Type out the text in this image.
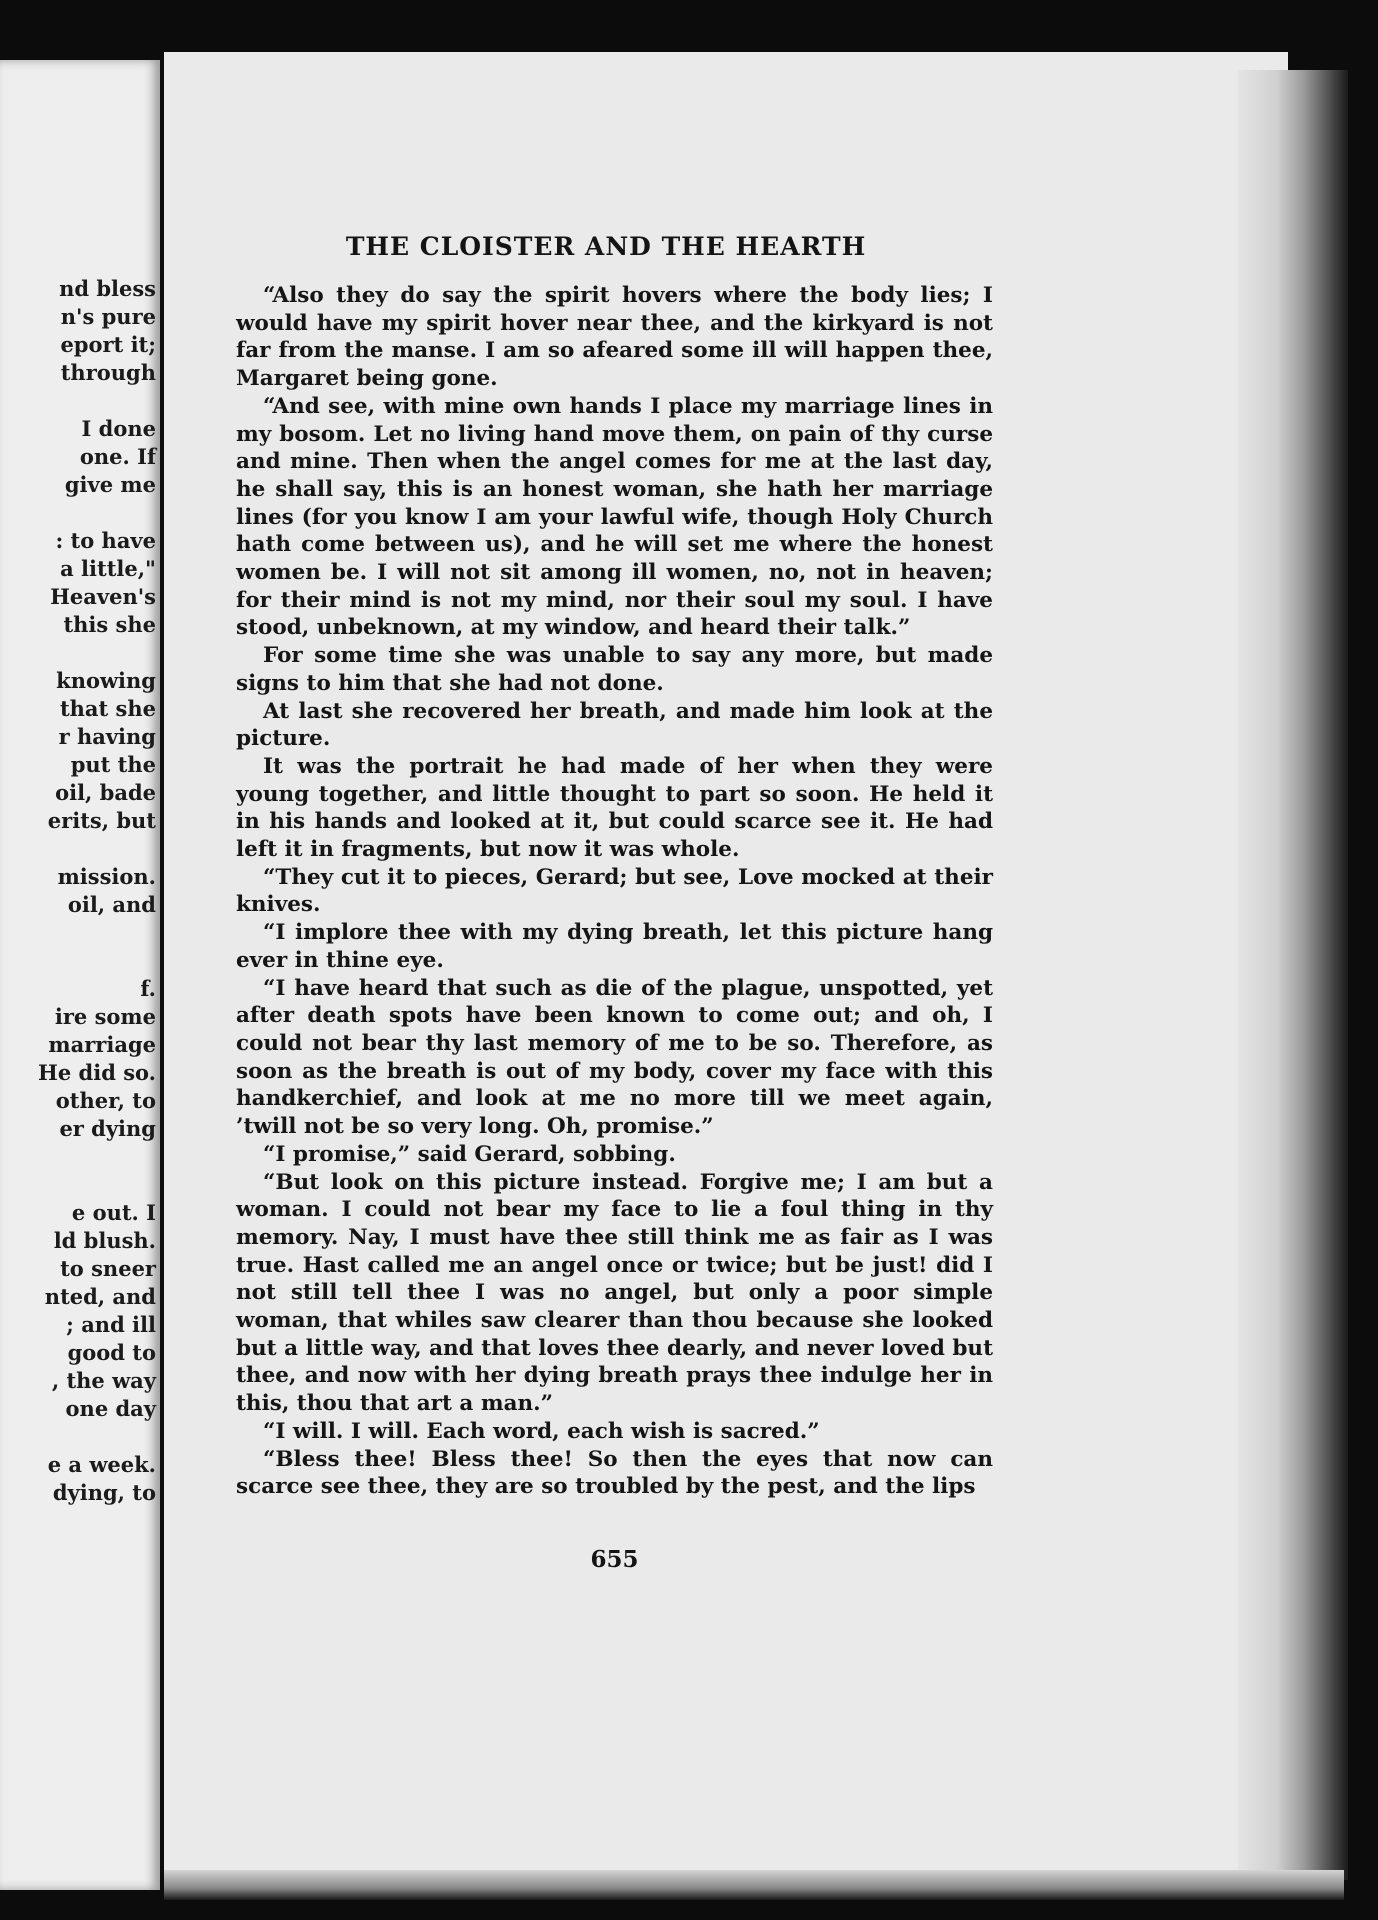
nd bless
n's pure
eport it;
through
I done
one. If
give me
: to have
a little,"
Heaven's
this she
knowing
that she
r having
put the
oil, bade
erits, but
mission.
oil, and
f.
ire some
marriage
He did so.
other, to
er dying
e out. I
ld blush.
to sneer
nted, and
; and ill
good to
, the way
one day
e a week.
dying, to
THE CLOISTER AND THE HEARTH

“Also they do say the spirit hovers where the body lies; I would have my spirit hover near thee, and the kirkyard is not far from the manse. I am so afeared some ill will happen thee, Margaret being gone.

“And see, with mine own hands I place my marriage lines in my bosom. Let no living hand move them, on pain of thy curse and mine. Then when the angel comes for me at the last day, he shall say, this is an honest woman, she hath her marriage lines (for you know I am your lawful wife, though Holy Church hath come between us), and he will set me where the honest women be. I will not sit among ill women, no, not in heaven; for their mind is not my mind, nor their soul my soul. I have stood, unbeknown, at my window, and heard their talk.”

For some time she was unable to say any more, but made signs to him that she had not done.

At last she recovered her breath, and made him look at the picture.

It was the portrait he had made of her when they were young together, and little thought to part so soon. He held it in his hands and looked at it, but could scarce see it. He had left it in fragments, but now it was whole.

“They cut it to pieces, Gerard; but see, Love mocked at their knives.

“I implore thee with my dying breath, let this picture hang ever in thine eye.

“I have heard that such as die of the plague, unspotted, yet after death spots have been known to come out; and oh, I could not bear thy last memory of me to be so. Therefore, as soon as the breath is out of my body, cover my face with this handkerchief, and look at me no more till we meet again, ’twill not be so very long. Oh, promise.”

“I promise,” said Gerard, sobbing.

“But look on this picture instead. Forgive me; I am but a woman. I could not bear my face to lie a foul thing in thy memory. Nay, I must have thee still think me as fair as I was true. Hast called me an angel once or twice; but be just! did I not still tell thee I was no angel, but only a poor simple woman, that whiles saw clearer than thou because she looked but a little way, and that loves thee dearly, and never loved but thee, and now with her dying breath prays thee indulge her in this, thou that art a man.”

“I will. I will. Each word, each wish is sacred.”

“Bless thee! Bless thee! So then the eyes that now can scarce see thee, they are so troubled by the pest, and the lips

655
